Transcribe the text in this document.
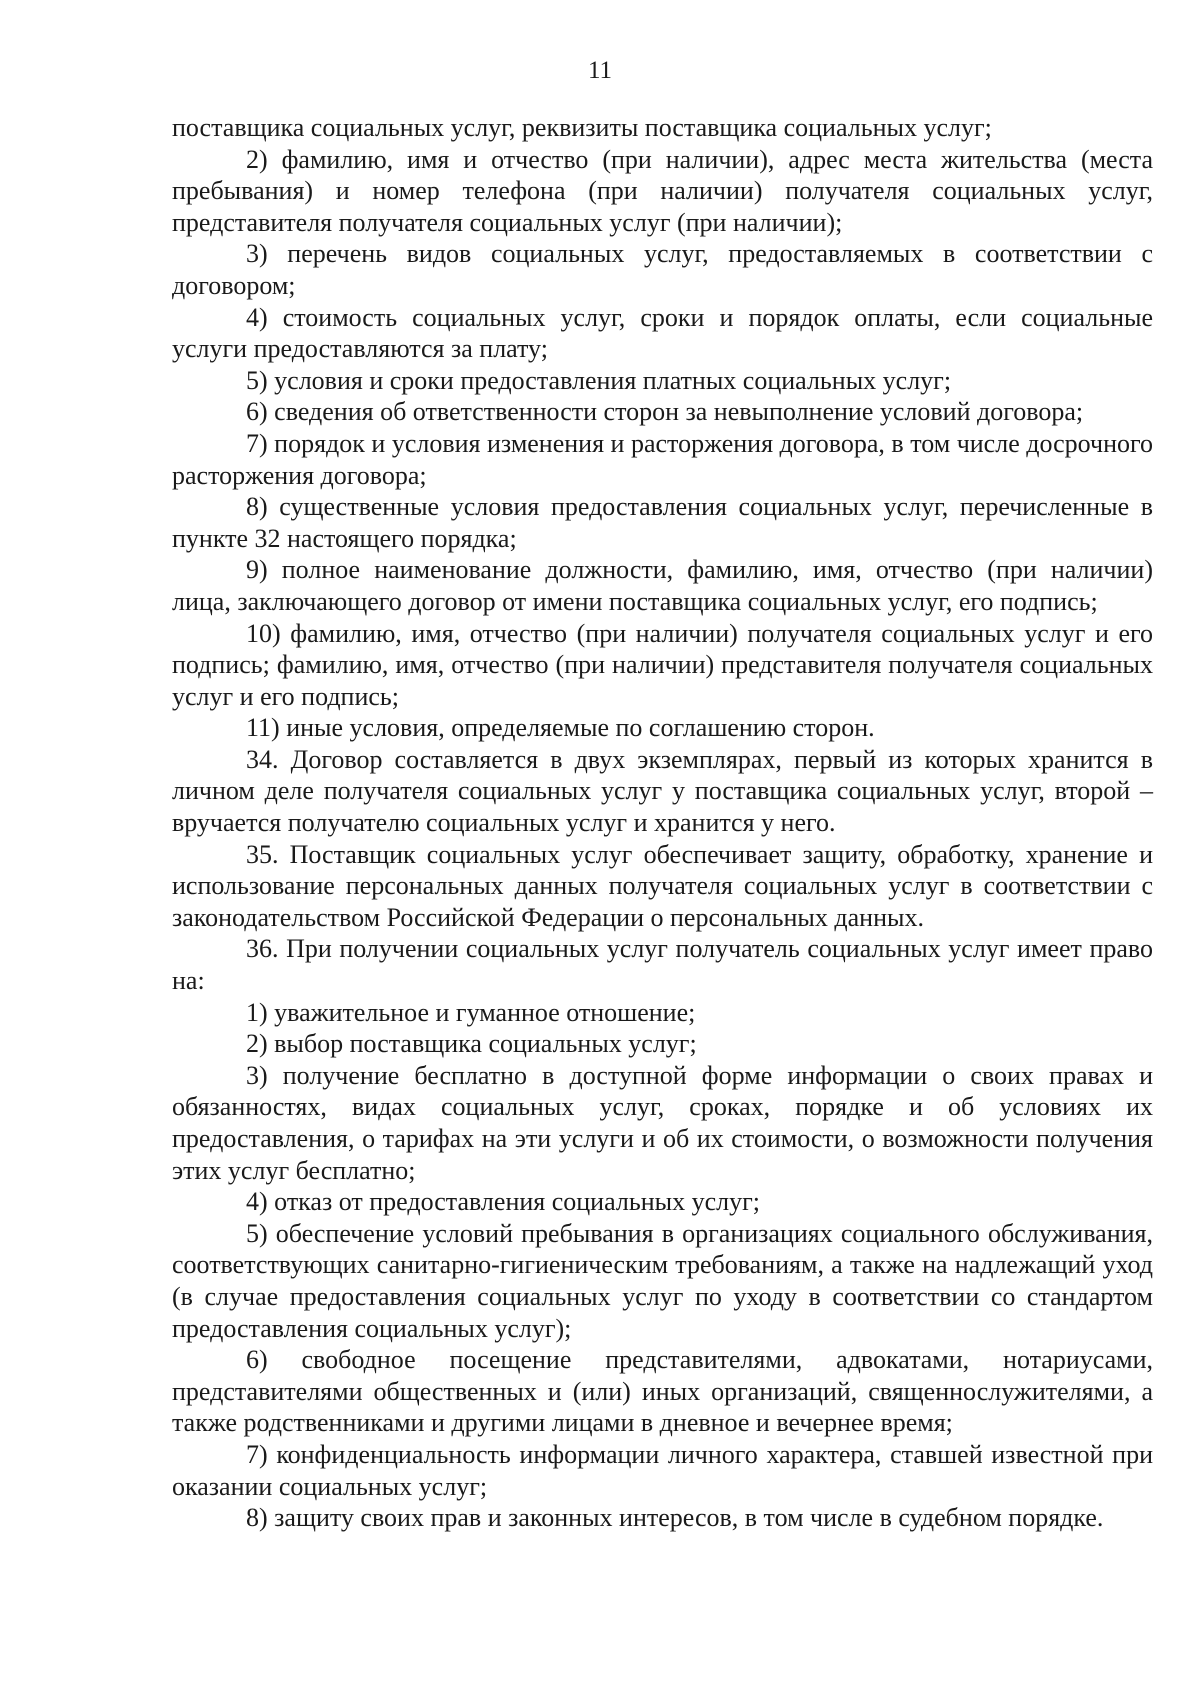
11

поставщика социальных услуг, реквизиты поставщика социальных услуг;

2) фамилию, имя и отчество (при наличии), адрес места жительства (места пребывания) и номер телефона (при наличии) получателя социальных услуг, представителя получателя социальных услуг (при наличии);

3) перечень видов социальных услуг, предоставляемых в соответствии с договором;

4) стоимость социальных услуг, сроки и порядок оплаты, если социальные услуги предоставляются за плату;

5) условия и сроки предоставления платных социальных услуг;

6) сведения об ответственности сторон за невыполнение условий договора;

7) порядок и условия изменения и расторжения договора, в том числе досрочного расторжения договора;

8) существенные условия предоставления социальных услуг, перечисленные в пункте 32 настоящего порядка;

9) полное наименование должности, фамилию, имя, отчество (при наличии) лица, заключающего договор от имени поставщика социальных услуг, его подпись;

10) фамилию, имя, отчество (при наличии) получателя социальных услуг и его подпись; фамилию, имя, отчество (при наличии) представителя получателя социальных услуг и его подпись;

11) иные условия, определяемые по соглашению сторон.

34. Договор составляется в двух экземплярах, первый из которых хранится в личном деле получателя социальных услуг у поставщика социальных услуг, второй – вручается получателю социальных услуг и хранится у него.

35. Поставщик социальных услуг обеспечивает защиту, обработку, хранение и использование персональных данных получателя социальных услуг в соответствии с законодательством Российской Федерации о персональных данных.

36. При получении социальных услуг получатель социальных услуг имеет право на:

1) уважительное и гуманное отношение;

2) выбор поставщика социальных услуг;

3) получение бесплатно в доступной форме информации о своих правах и обязанностях, видах социальных услуг, сроках, порядке и об условиях их предоставления, о тарифах на эти услуги и об их стоимости, о возможности получения этих услуг бесплатно;

4) отказ от предоставления социальных услуг;

5) обеспечение условий пребывания в организациях социального обслуживания, соответствующих санитарно-гигиеническим требованиям, а также на надлежащий уход (в случае предоставления социальных услуг по уходу в соответствии со стандартом предоставления социальных услуг);

6) свободное посещение представителями, адвокатами, нотариусами, представителями общественных и (или) иных организаций, священнослужителями, а также родственниками и другими лицами в дневное и вечернее время;

7) конфиденциальность информации личного характера, ставшей известной при оказании социальных услуг;

8) защиту своих прав и законных интересов, в том числе в судебном порядке.
